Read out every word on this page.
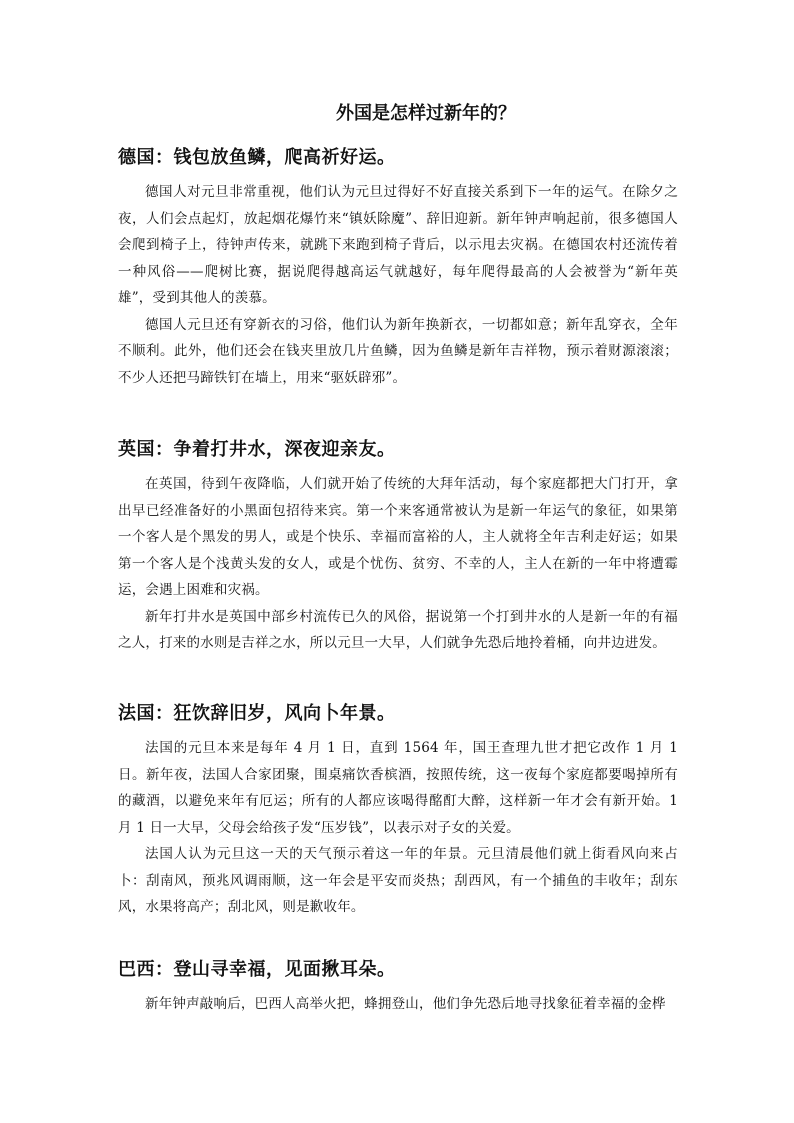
外国是怎样过新年的？
德国：钱包放鱼鳞，爬高祈好运。

德国人对元旦非常重视，他们认为元旦过得好不好直接关系到下一年的运气。在除夕之夜，人们会点起灯，放起烟花爆竹来“镇妖除魔”、辞旧迎新。新年钟声响起前，很多德国人会爬到椅子上，待钟声传来，就跳下来跑到椅子背后，以示甩去灾祸。在德国农村还流传着一种风俗——爬树比赛，据说爬得越高运气就越好，每年爬得最高的人会被誉为“新年英雄”，受到其他人的羡慕。

德国人元旦还有穿新衣的习俗，他们认为新年换新衣，一切都如意；新年乱穿衣，全年不顺利。此外，他们还会在钱夹里放几片鱼鳞，因为鱼鳞是新年吉祥物，预示着财源滚滚；不少人还把马蹄铁钉在墙上，用来“驱妖辟邪”。

英国：争着打井水，深夜迎亲友。

在英国，待到午夜降临，人们就开始了传统的大拜年活动，每个家庭都把大门打开，拿出早已经准备好的小黑面包招待来宾。第一个来客通常被认为是新一年运气的象征，如果第一个客人是个黑发的男人，或是个快乐、幸福而富裕的人，主人就将全年吉利走好运；如果第一个客人是个浅黄头发的女人，或是个忧伤、贫穷、不幸的人，主人在新的一年中将遭霉运，会遇上困难和灾祸。

新年打井水是英国中部乡村流传已久的风俗，据说第一个打到井水的人是新一年的有福之人，打来的水则是吉祥之水，所以元旦一大早，人们就争先恐后地拎着桶，向井边进发。

法国：狂饮辞旧岁，风向卜年景。

法国的元旦本来是每年 4 月 1 日，直到 1564 年，国王查理九世才把它改作 1 月 1 日。新年夜，法国人合家团聚，围桌痛饮香槟酒，按照传统，这一夜每个家庭都要喝掉所有的藏酒，以避免来年有厄运；所有的人都应该喝得酩酊大醉，这样新一年才会有新开始。1 月 1 日一大早，父母会给孩子发“压岁钱”，以表示对子女的关爱。

法国人认为元旦这一天的天气预示着这一年的年景。元旦清晨他们就上街看风向来占卜：刮南风，预兆风调雨顺，这一年会是平安而炎热；刮西风，有一个捕鱼的丰收年；刮东风，水果将高产；刮北风，则是歉收年。

巴西：登山寻幸福，见面揪耳朵。

新年钟声敲响后，巴西人高举火把，蜂拥登山，他们争先恐后地寻找象征着幸福的金桦
